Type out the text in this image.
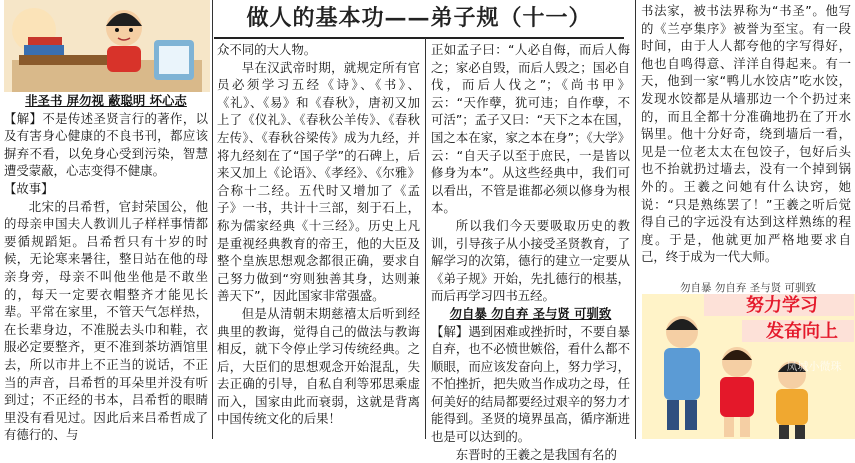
做人的基本功——弟子规（十一）

非圣书 屏勿视 蔽聪明 坏心志

【解】不是传述圣贤言行的著作，以及有害身心健康的不良书刊，都应该摒弃不看，以免身心受到污染，智慧遭受蒙蔽，心志变得不健康。

【故事】

北宋的吕希哲，官封荣国公，他的母亲申国夫人教训儿子样样事情都要循规蹈矩。吕希哲只有十岁的时候，无论寒来暑往，整日站在他的母亲身旁，母亲不叫他坐他是不敢坐的，每天一定要衣帽整齐才能见长辈。平常在家里，不管天气怎样热，在长辈身边，不准脱去头巾和鞋，衣服必定要整齐，更不准到茶坊酒馆里去，所以市井上不正当的说话，不正当的声音，吕希哲的耳朵里并没有听到过；不正经的书本，吕希哲的眼睛里没有看见过。因此后来吕希哲成了有德行的、与

众不同的大人物。

早在汉武帝时期，就规定所有官员必须学习五经《诗》、《书》、《礼》、《易》和《春秋》，唐初又加上了《仪礼》、《春秋公羊传》、《春秋左传》、《春秋谷梁传》成为九经，并将九经刻在了“国子学”的石碑上，后来又加上《论语》、《孝经》、《尔雅》合称十二经。五代时又增加了《孟子》一书，共计十三部，刻于石上，称为儒家经典《十三经》。历史上凡是重视经典教育的帝王，他的大臣及整个皇族思想观念都很正确，要求自己努力做到“穷则独善其身，达则兼善天下”，因此国家非常强盛。

但是从清朝末期慈禧太后听到经典里的教诲，觉得自己的做法与教诲相反，就下令停止学习传统经典。之后，大臣们的思想观念开始混乱，失去正确的引导，自私自利等邪思乘虚而入，国家由此而衰弱，这就是背离中国传统文化的后果！

正如孟子曰：“人必自侮，而后人侮之；家必自毁，而后人毁之；国必自伐，而后人伐之”；《尚书甲》云：“天作孽，犹可违；自作孽，不可活”；孟子又曰：“天下之本在国，国之本在家，家之本在身”；《大学》云：“自天子以至于庶民，一是皆以修身为本”。从这些经典中，我们可以看出，不管是谁都必须以修身为根本。

所以我们今天要吸取历史的教训，引导孩子从小接受圣贤教育，了解学习的次第，德行的建立一定要从《弟子规》开始，先扎德行的根基，而后再学习四书五经。

勿自暴 勿自弃 圣与贤 可驯致

【解】遇到困难或挫折时，不要自暴自弃，也不必愤世嫉俗，看什么都不顺眼，而应该发奋向上，努力学习，不怕挫折，把失败当作成功之母，任何美好的结局都要经过艰辛的努力才能得到。圣贤的境界虽高，循序渐进也是可以达到的。

东晋时的王羲之是我国有名的

书法家，被书法界称为“书圣”。他写的《兰亭集序》被誉为至宝。有一段时间，由于人人都夸他的字写得好，他也自鸣得意、洋洋自得起来。有一天，他到一家“鸭儿水饺店”吃水饺，发现水饺都是从墙那边一个个扔过来的，而且全都十分准确地扔在了开水锅里。他十分好奇，绕到墙后一看，见是一位老太太在包饺子，包好后头也不抬就扔过墙去，没有一个掉到锅外的。王羲之问她有什么诀窍，她说：“只是熟练罢了！”王羲之听后觉得自己的字远没有达到这样熟练的程度。于是，他就更加严格地要求自己，终于成为一代大师。

勿自暴 勿自弃 圣与贤 可驯致
努力学习
发奋向上
凤城小微珠
